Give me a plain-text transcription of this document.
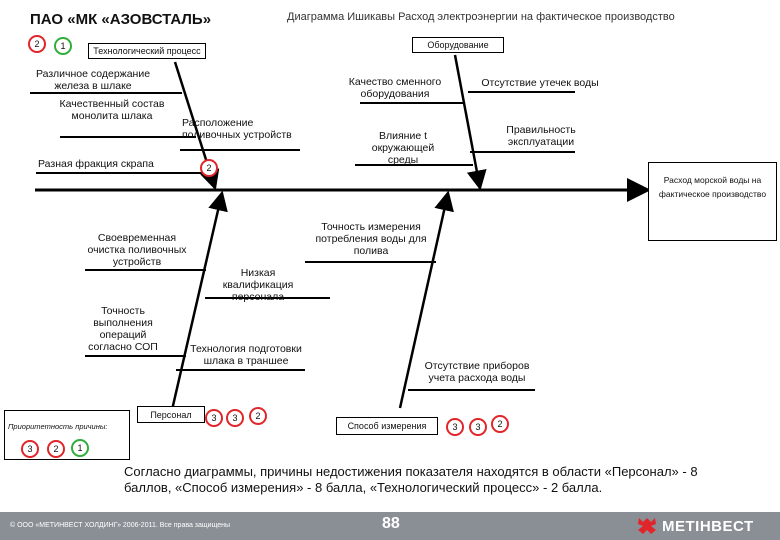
ПАО «МК «АЗОВСТАЛЬ»	Диаграмма Ишикавы Расход электроэнергии на фактическое производство
2	1	Технологический процесс
Оборудование
Персонал
Способ измерения
Расход морской воды на фактическое производство
Различное содержание железа в шлаке
Качественный состав монолита шлака
Разная фракция скрапа
Расположение поливочных устройств
2
Качество сменного оборудования
Отсутствие утечек воды
Влияние t окружающей среды
Правильность эксплуатации
Своевременная очистка поливочных устройств
Точность выполнения операций согласно СОП
Низкая квалификация персонала
Технология подготовки шлака в траншее
Точность измерения потребления воды для полива
Отсутствие приборов учета расхода воды
3	3	2
3	3	2
Приоритетность причины:
3	2	1
Согласно диаграммы, причины недостижения показателя находятся в области «Персонал» - 8 баллов, «Способ измерения» - 8 балла, «Технологический процесс» - 2 балла.
© ООО «МЕТИНВЕСТ ХОЛДИНГ» 2006-2011. Все права защищены	88	МЕТІНВЕСТ
